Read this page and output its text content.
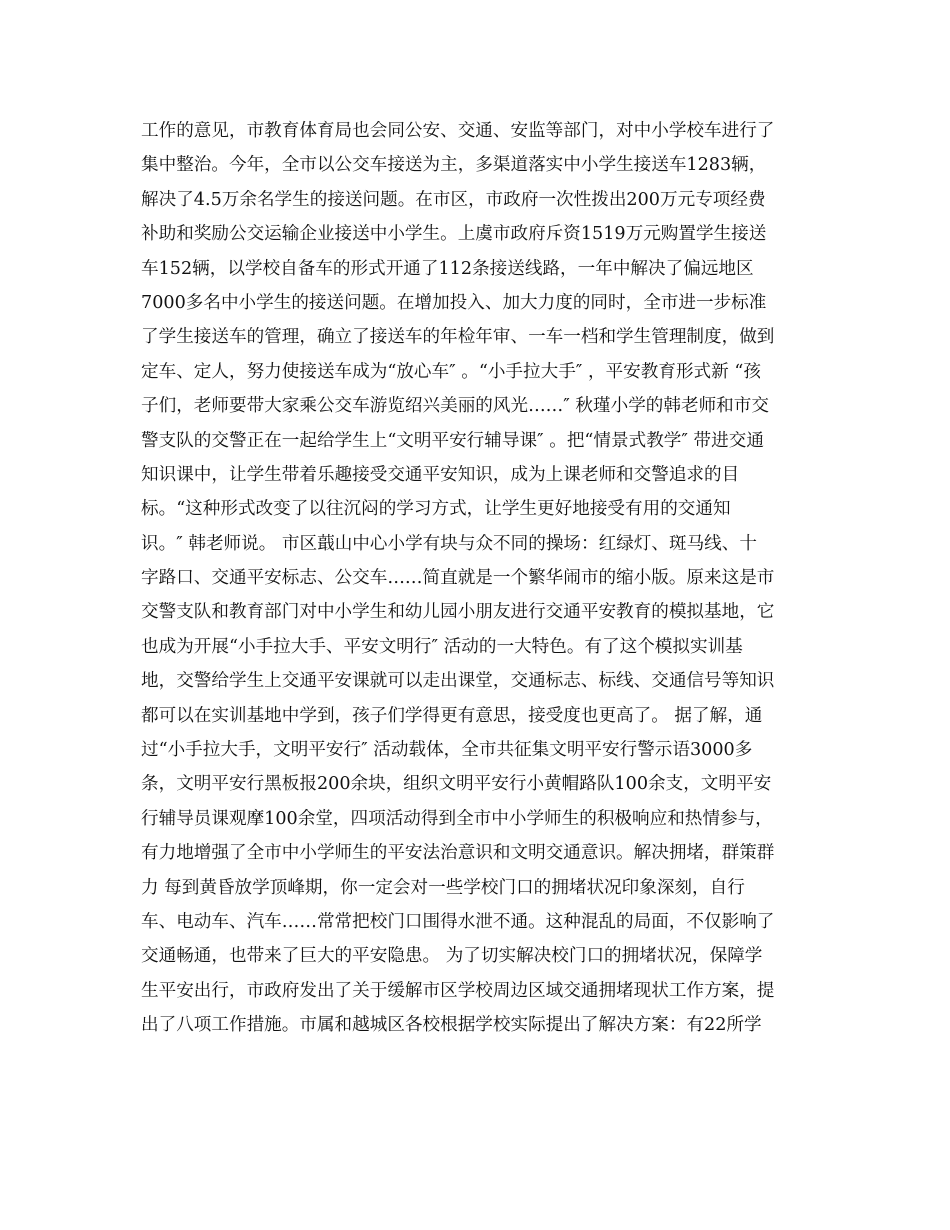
工作的意见，市教育体育局也会同公安、交通、安监等部门，对中小学校车进行了
集中整治。今年，全市以公交车接送为主，多渠道落实中小学生接送车1283辆，
解决了4.5万余名学生的接送问题。在市区，市政府一次性拨出200万元专项经费
补助和奖励公交运输企业接送中小学生。上虞市政府斥资1519万元购置学生接送
车152辆，以学校自备车的形式开通了112条接送线路，一年中解决了偏远地区
7000多名中小学生的接送问题。在增加投入、加大力度的同时，全市进一步标准
了学生接送车的管理，确立了接送车的年检年审、一车一档和学生管理制度，做到
定车、定人，努力使接送车成为“放心车″ 。“小手拉大手″ ，平安教育形式新 “孩
子们，老师要带大家乘公交车游览绍兴美丽的风光……″ 秋瑾小学的韩老师和市交
警支队的交警正在一起给学生上“文明平安行辅导课″ 。把“情景式教学″ 带进交通
知识课中，让学生带着乐趣接受交通平安知识，成为上课老师和交警追求的目
标。“这种形式改变了以往沉闷的学习方式，让学生更好地接受有用的交通知
识。″ 韩老师说。 市区蕺山中心小学有块与众不同的操场：红绿灯、斑马线、十
字路口、交通平安标志、公交车……简直就是一个繁华闹市的缩小版。原来这是市
交警支队和教育部门对中小学生和幼儿园小朋友进行交通平安教育的模拟基地，它
也成为开展“小手拉大手、平安文明行″ 活动的一大特色。有了这个模拟实训基
地，交警给学生上交通平安课就可以走出课堂，交通标志、标线、交通信号等知识
都可以在实训基地中学到，孩子们学得更有意思，接受度也更高了。 据了解，通
过“小手拉大手，文明平安行″ 活动载体，全市共征集文明平安行警示语3000多
条，文明平安行黑板报200余块，组织文明平安行小黄帽路队100余支，文明平安
行辅导员课观摩100余堂，四项活动得到全市中小学师生的积极响应和热情参与，
有力地增强了全市中小学师生的平安法治意识和文明交通意识。解决拥堵，群策群
力 每到黄昏放学顶峰期，你一定会对一些学校门口的拥堵状况印象深刻，自行
车、电动车、汽车……常常把校门口围得水泄不通。这种混乱的局面，不仅影响了
交通畅通，也带来了巨大的平安隐患。 为了切实解决校门口的拥堵状况，保障学
生平安出行，市政府发出了关于缓解市区学校周边区域交通拥堵现状工作方案，提
出了八项工作措施。市属和越城区各校根据学校实际提出了解决方案：有22所学
